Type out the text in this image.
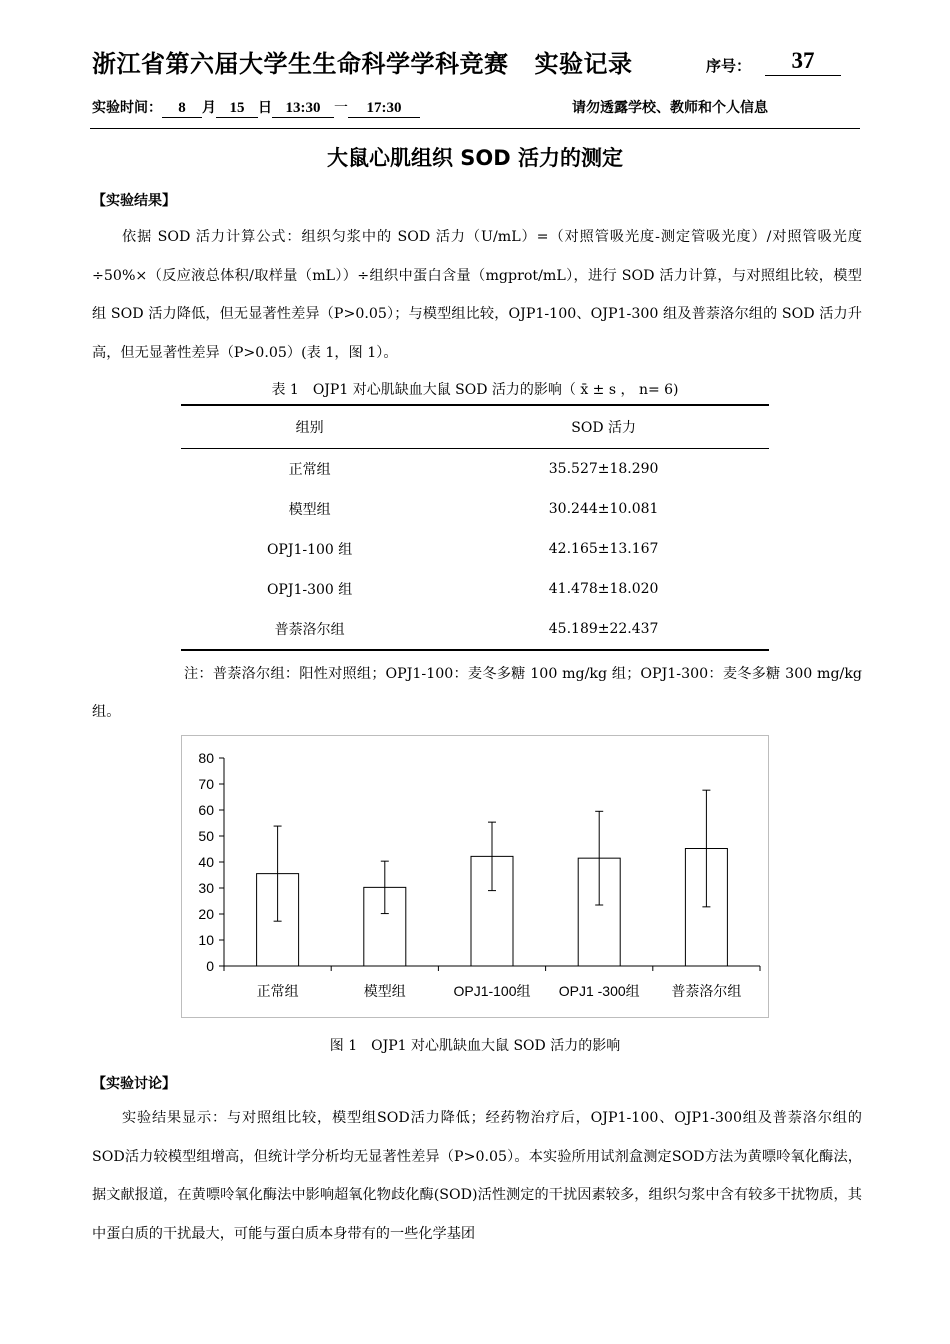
浙江省第六届大学生生命科学学科竞赛 实验记录	序号：	37
实验时间： 8 月 15 日 13:30 一 17:30	请勿透露学校、教师和个人信息
大鼠心肌组织 SOD 活力的测定
【实验结果】

依据 SOD 活力计算公式：组织匀浆中的 SOD 活力（U/mL）=（对照管吸光度-测定管吸光度）/对照管吸光度÷50%×（反应液总体积/取样量（mL））÷组织中蛋白含量（mgprot/mL），进行 SOD 活力计算，与对照组比较，模型组 SOD 活力降低，但无显著性差异（P>0.05）；与模型组比较，OJP1-100、OJP1-300 组及普萘洛尔组的 SOD 活力升高，但无显著性差异（P>0.05）(表 1，图 1）。

表 1　OJP1 对心肌缺血大鼠 SOD 活力的影响（ x̄ ± s ， n= 6)
组别	SOD 活力
正常组	35.527±18.290
模型组	30.244±10.081
OPJ1-100 组	42.165±13.167
OPJ1-300 组	41.478±18.020
普萘洛尔组	45.189±22.437

注：普萘洛尔组：阳性对照组；OPJ1-100：麦冬多糖 100 mg/kg 组；OPJ1-300：麦冬多糖 300 mg/kg 组。

0
10
20
30
40
50
60
70
80
正常组	模型组	OPJ1-100组 OPJ1 -300组 普萘洛尔组
图 1　OJP1 对心肌缺血大鼠 SOD 活力的影响
【实验讨论】

实验结果显示：与对照组比较，模型组SOD活力降低；经药物治疗后，OJP1-100、OJP1-300组及普萘洛尔组的SOD活力较模型组增高，但统计学分析均无显著性差异（P>0.05）。本实验所用试剂盒测定SOD方法为黄嘌呤氧化酶法，据文献报道，在黄嘌呤氧化酶法中影响超氧化物歧化酶(SOD)活性测定的干扰因素较多，组织匀浆中含有较多干扰物质，其中蛋白质的干扰最大，可能与蛋白质本身带有的一些化学基团
